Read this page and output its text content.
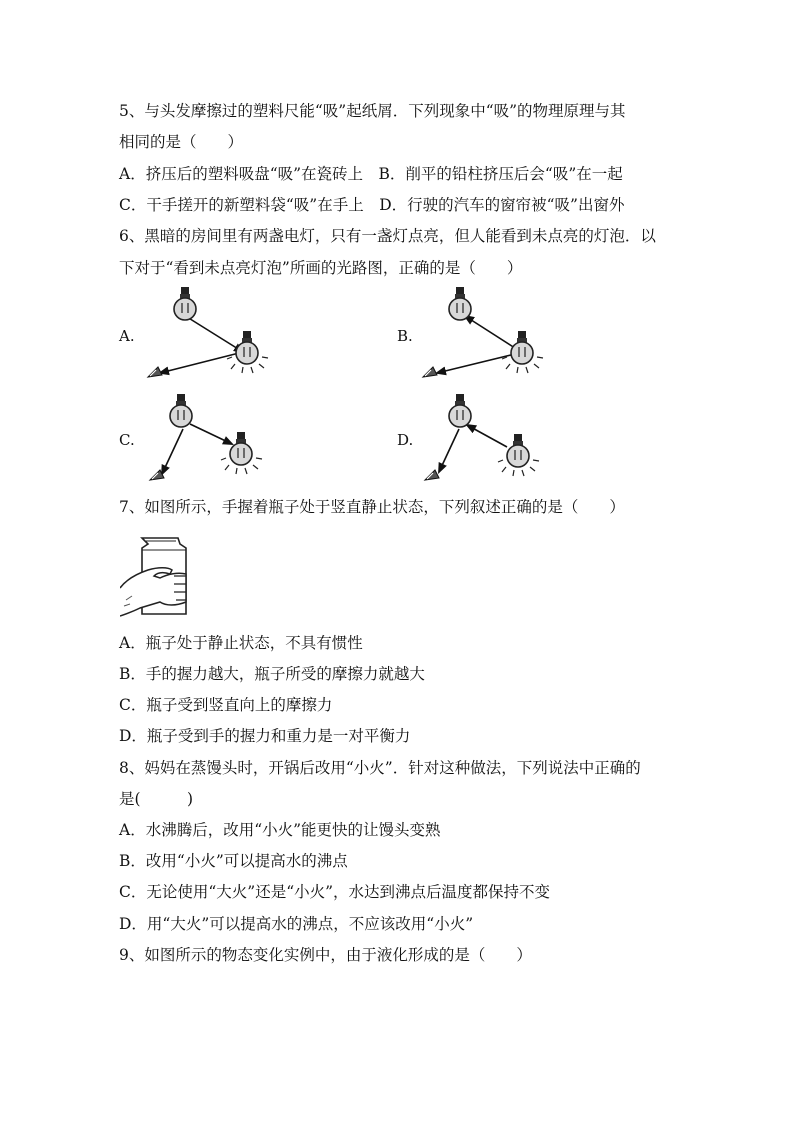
5、与头发摩擦过的塑料尺能“吸”起纸屑．下列现象中“吸”的物理原理与其
相同的是（　　）
A．挤压后的塑料吸盘“吸”在瓷砖上　B．削平的铅柱挤压后会“吸”在一起
C．干手搓开的新塑料袋“吸”在手上　D．行驶的汽车的窗帘被“吸”出窗外
6、黑暗的房间里有两盏电灯，只有一盏灯点亮，但人能看到未点亮的灯泡．以
下对于“看到未点亮灯泡”所画的光路图，正确的是（　　）
A.	B.
C.	D.
7、如图所示，手握着瓶子处于竖直静止状态，下列叙述正确的是（　　）
A．瓶子处于静止状态，不具有惯性
B．手的握力越大，瓶子所受的摩擦力就越大
C．瓶子受到竖直向上的摩擦力
D．瓶子受到手的握力和重力是一对平衡力
8、妈妈在蒸馒头时，开锅后改用“小火”．针对这种做法，下列说法中正确的
是(　　　)
A．水沸腾后，改用“小火”能更快的让馒头变熟
B．改用“小火”可以提高水的沸点
C．无论使用“大火”还是“小火”，水达到沸点后温度都保持不变
D．用“大火”可以提高水的沸点，不应该改用“小火”
9、如图所示的物态变化实例中，由于液化形成的是（　　）
